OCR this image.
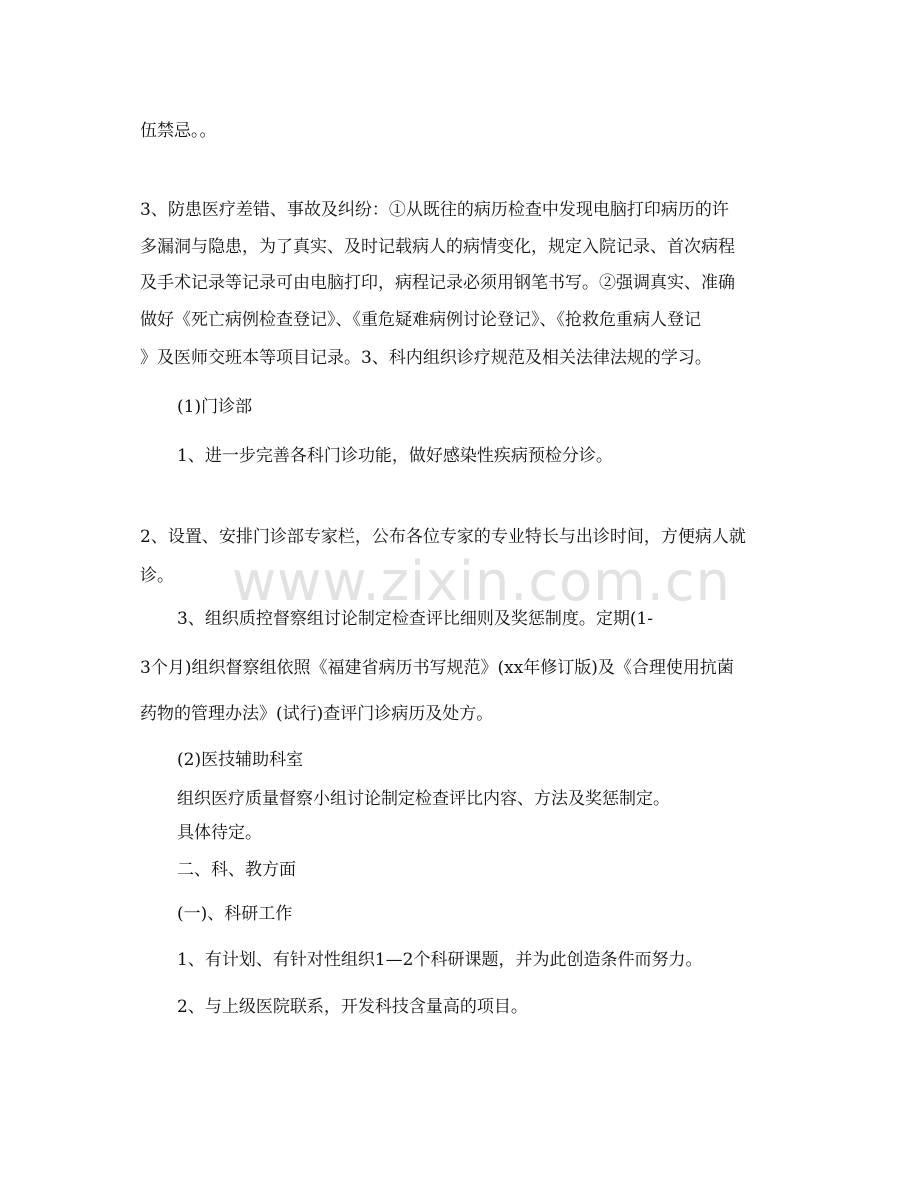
www.zixin.com.cn
伍禁忌。。
3、防患医疗差错、事故及纠纷：①从既往的病历检查中发现电脑打印病历的许
多漏洞与隐患，为了真实、及时记载病人的病情变化，规定入院记录、首次病程
及手术记录等记录可由电脑打印，病程记录必须用钢笔书写。②强调真实、准确
做好《死亡病例检查登记》、《重危疑难病例讨论登记》、《抢救危重病人登记
》及医师交班本等项目记录。3、科内组织诊疗规范及相关法律法规的学习。
(1)门诊部
1、进一步完善各科门诊功能，做好感染性疾病预检分诊。
2、设置、安排门诊部专家栏，公布各位专家的专业特长与出诊时间，方便病人就
诊。
3、组织质控督察组讨论制定检查评比细则及奖惩制度。定期(1-
3个月)组织督察组依照《福建省病历书写规范》(xx年修订版)及《合理使用抗菌
药物的管理办法》(试行)查评门诊病历及处方。
(2)医技辅助科室
组织医疗质量督察小组讨论制定检查评比内容、方法及奖惩制定。
具体待定。
二、科、教方面
(一)、科研工作
1、有计划、有针对性组织1—2个科研课题，并为此创造条件而努力。
2、与上级医院联系，开发科技含量高的项目。
